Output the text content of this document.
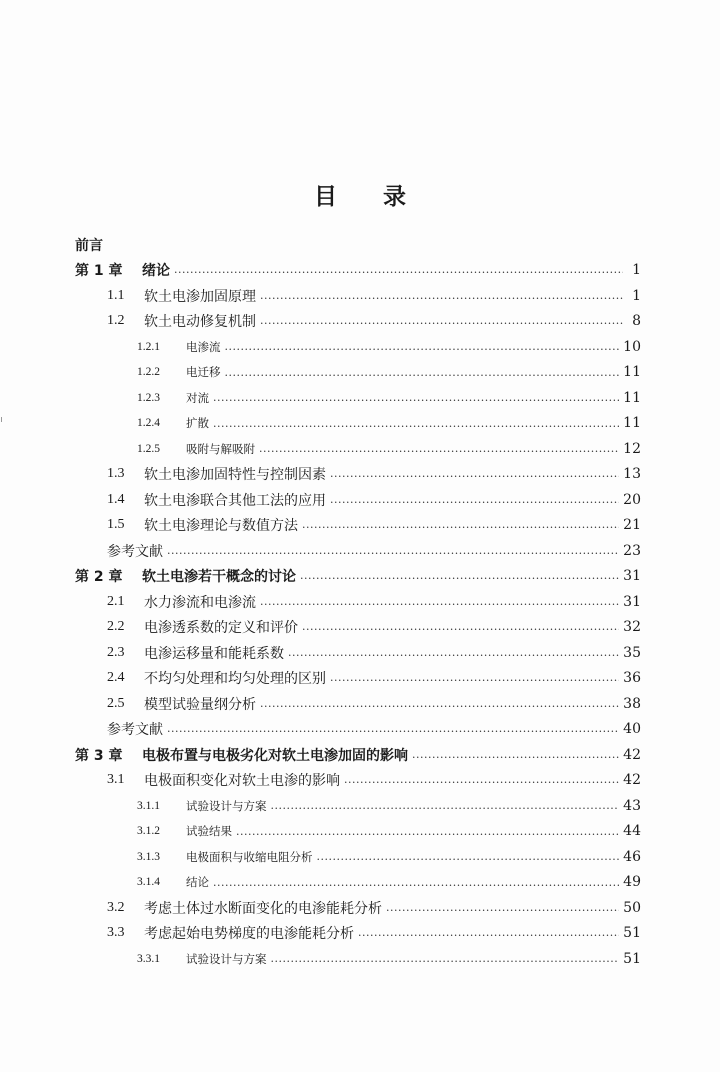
目 录
前言
第 1 章	绪论 ·····	1
1.1	软土电渗加固原理 ·····	1
1.2	软土电动修复机制 ·····	8
1.2.1	电渗流 ·····	10
1.2.2	电迁移 ·····	11
1.2.3	对流 ·····	11
1.2.4	扩散 ·····	11
1.2.5	吸附与解吸附 ·····	12
1.3	软土电渗加固特性与控制因素 ·····	13
1.4	软土电渗联合其他工法的应用 ·····	20
1.5	软土电渗理论与数值方法 ·····	21
参考文献 ·····	23
第 2 章	软土电渗若干概念的讨论 ·····	31
2.1	水力渗流和电渗流 ·····	31
2.2	电渗透系数的定义和评价 ·····	32
2.3	电渗运移量和能耗系数 ·····	35
2.4	不均匀处理和均匀处理的区别 ·····	36
2.5	模型试验量纲分析 ·····	38
参考文献 ·····	40
第 3 章	电极布置与电极劣化对软土电渗加固的影响 ·····	42
3.1	电极面积变化对软土电渗的影响 ·····	42
3.1.1	试验设计与方案 ·····	43
3.1.2	试验结果 ·····	44
3.1.3	电极面积与收缩电阻分析 ·····	46
3.1.4	结论 ·····	49
3.2	考虑土体过水断面变化的电渗能耗分析 ·····	50
3.3	考虑起始电势梯度的电渗能耗分析 ·····	51
3.3.1	试验设计与方案 ·····	51
